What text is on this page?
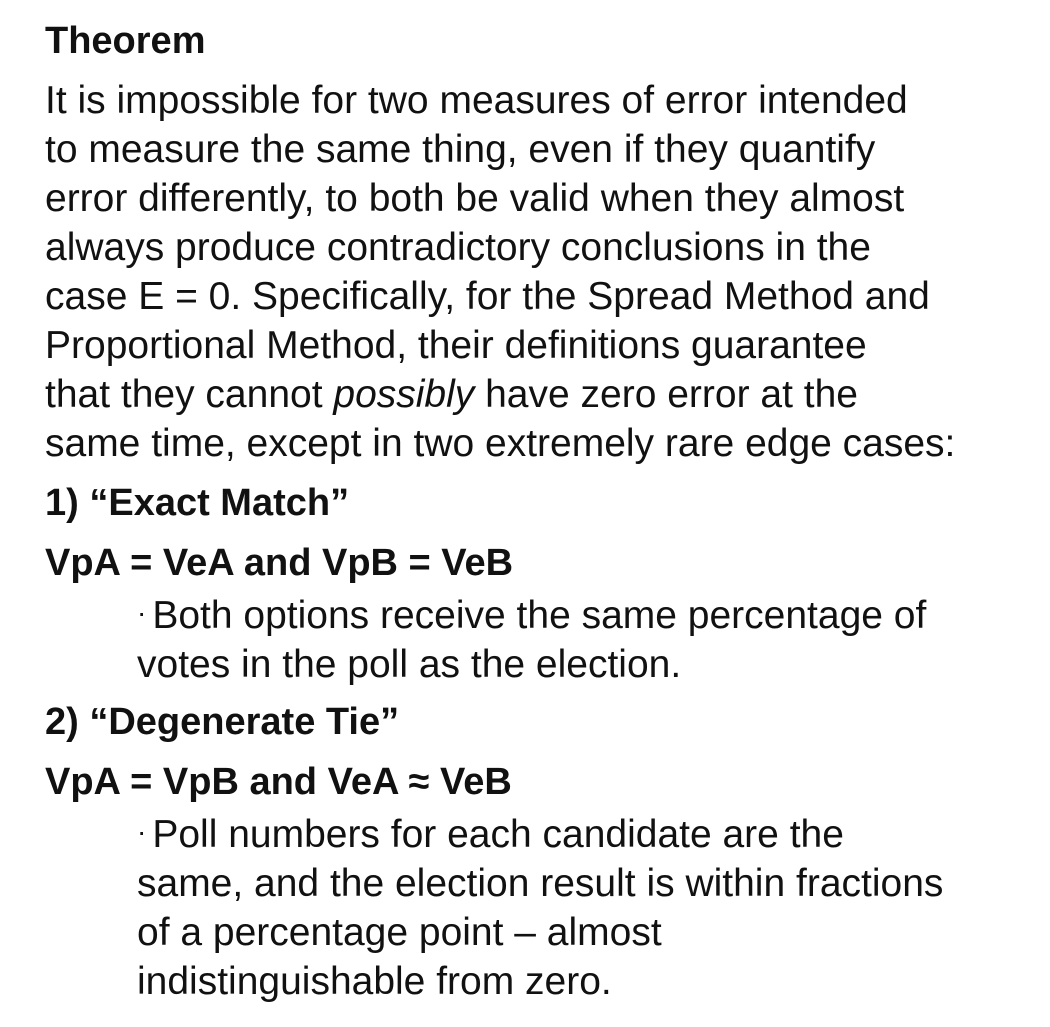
Theorem

It is impossible for two measures of error intended
to measure the same thing, even if they quantify
error differently, to both be valid when they almost
always produce contradictory conclusions in the
case E = 0. Specifically, for the Spread Method and
Proportional Method, their definitions guarantee
that they cannot possibly have zero error at the
same time, except in two extremely rare edge cases:

1) “Exact Match”
VpA = VeA and VpB = VeB
· Both options receive the same percentage of
votes in the poll as the election.
2) “Degenerate Tie”
VpA = VpB and VeA ≈ VeB
· Poll numbers for each candidate are the
same, and the election result is within fractions
of a percentage point – almost
indistinguishable from zero.
